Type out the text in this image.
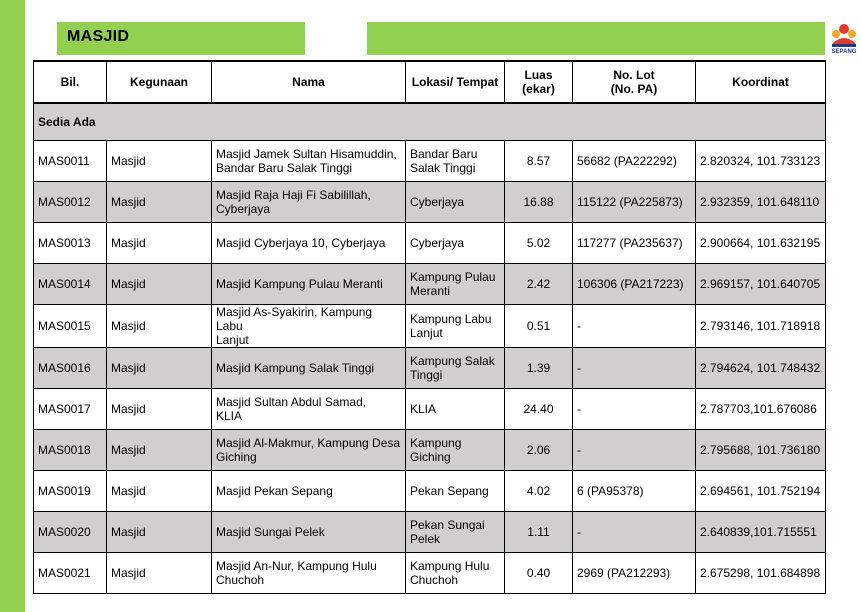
MASJID
SEPANG
Bil.	Kegunaan	Nama	Lokasi/ Tempat	Luas
(ekar)	No. Lot
(No. PA)	Koordinat
Sedia Ada						
MAS0011	Masjid	Masjid Jamek Sultan Hisamuddin,
Bandar Baru Salak Tinggi	Bandar Baru
Salak Tinggi	8.57	56682 (PA222292)	2.820324, 101.733123
MAS0012	Masjid	Masjid Raja Haji Fi Sabilillah,
Cyberjaya	Cyberjaya	16.88	115122 (PA225873)	2.932359, 101.648110
MAS0013	Masjid	Masjid Cyberjaya 10, Cyberjaya	Cyberjaya	5.02	117277 (PA235637)	2.900664, 101.632195
MAS0014	Masjid	Masjid Kampung Pulau Meranti	Kampung Pulau
Meranti	2.42	106306 (PA217223)	2.969157, 101.640705
MAS0015	Masjid	Masjid As-Syakirin, Kampung Labu
Lanjut	Kampung Labu
Lanjut	0.51	-	2.793146, 101.718918
MAS0016	Masjid	Masjid Kampung Salak Tinggi	Kampung Salak
Tinggi	1.39	-	2.794624, 101.748432
MAS0017	Masjid	Masjid Sultan Abdul Samad,
KLIA	KLIA	24.40	-	2.787703,101.676086
MAS0018	Masjid	Masjid Al-Makmur, Kampung Desa
Giching	Kampung
Giching	2.06	-	2.795688, 101.736180
MAS0019	Masjid	Masjid Pekan Sepang	Pekan Sepang	4.02	6 (PA95378)	2.694561, 101.752194
MAS0020	Masjid	Masjid Sungai Pelek	Pekan Sungai
Pelek	1.11	-	2.640839,101.715551
MAS0021	Masjid	Masjid An-Nur, Kampung Hulu
Chuchoh	Kampung Hulu
Chuchoh	0.40	2969 (PA212293)	2.675298, 101.684898
